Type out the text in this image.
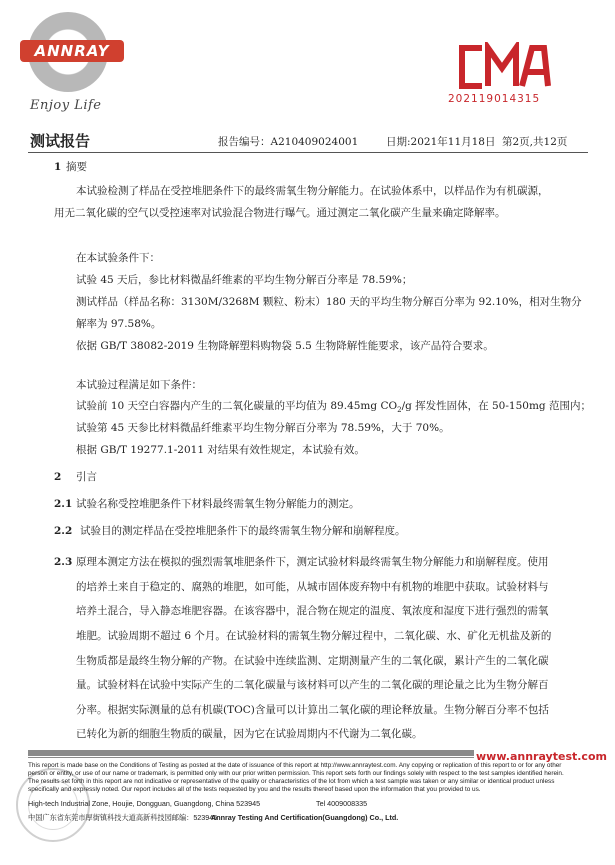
ANNRAY
Enjoy Life	202119014315
测试报告	报告编号：A210409024001	日期:2021年11月18日 第2页,共12页
1 摘要
本试验检测了样品在受控堆肥条件下的最终需氧生物分解能力。在试验体系中，以样品作为有机碳源，
用无二氧化碳的空气以受控速率对试验混合物进行曝气。通过测定二氧化碳产生量来确定降解率。
在本试验条件下：
试验 45 天后，参比材料微晶纤维素的平均生物分解百分率是 78.59%；
测试样品（样品名称：3130M/3268M 颗粒、粉末）180 天的平均生物分解百分率为 92.10%，相对生物分
解率为 97.58%。
依据 GB/T 38082-2019 生物降解塑料购物袋 5.5 生物降解性能要求，该产品符合要求。
本试验过程满足如下条件：
试验前 10 天空白容器内产生的二氧化碳量的平均值为 89.45mg $CO_2/g$ 挥发性固体，在 50-150mg 范围内；
试验第 45 天参比材料微晶纤维素平均生物分解百分率为 78.59%，大于 70%。
根据 GB/T 19277.1-2011 对结果有效性规定，本试验有效。
2 引言
2.1 试验名称受控堆肥条件下材料最终需氧生物分解能力的测定。
2.2 试验目的测定样品在受控堆肥条件下的最终需氧生物分解和崩解程度。
2.3 原理本测定方法在模拟的强烈需氧堆肥条件下，测定试验材料最终需氧生物分解能力和崩解程度。使用
的培养土来自于稳定的、腐熟的堆肥，如可能，从城市固体废弃物中有机物的堆肥中获取。试验材料与
培养土混合，导入静态堆肥容器。在该容器中，混合物在规定的温度、氧浓度和湿度下进行强烈的需氧
堆肥。试验周期不超过 6 个月。在试验材料的需氧生物分解过程中，二氧化碳、水、矿化无机盐及新的
生物质都是最终生物分解的产物。在试验中连续监测、定期测量产生的二氧化碳，累计产生的二氧化碳
量。试验材料在试验中实际产生的二氧化碳量与该材料可以产生的二氧化碳的理论量之比为生物分解百
分率。根据实际测量的总有机碳(TOC)含量可以计算出二氧化碳的理论释放量。生物分解百分率不包括
已转化为新的细胞生物质的碳量，因为它在试验周期内不代谢为二氧化碳。
www.annraytest.com
This report is made base on the Conditions of Testing as posted at the date of issuance of this report at http://www.annraytest.com. Any copying or replication of this report to or for any other
person or entity, or use of our name or trademark, is permitted only with our prior written permission. This report sets forth our findings solely with respect to the test samples identified herein.
The results set forth in this report are not indicative or representative of the quality or characteristics of the lot from which a test sample was taken or any similar or identical product unless
specifically and expressly noted. Our report includes all of the tests requested by you and the results thereof based upon the information that you provided to us.
High-tech Industrial Zone, Houjie, Dongguan, Guangdong, China 523945	Tel 4009008335
中国广东省东莞市厚街镇科技大道高新科技园邮编：523945
Annray Testing And Certification(Guangdong) Co., Ltd.
